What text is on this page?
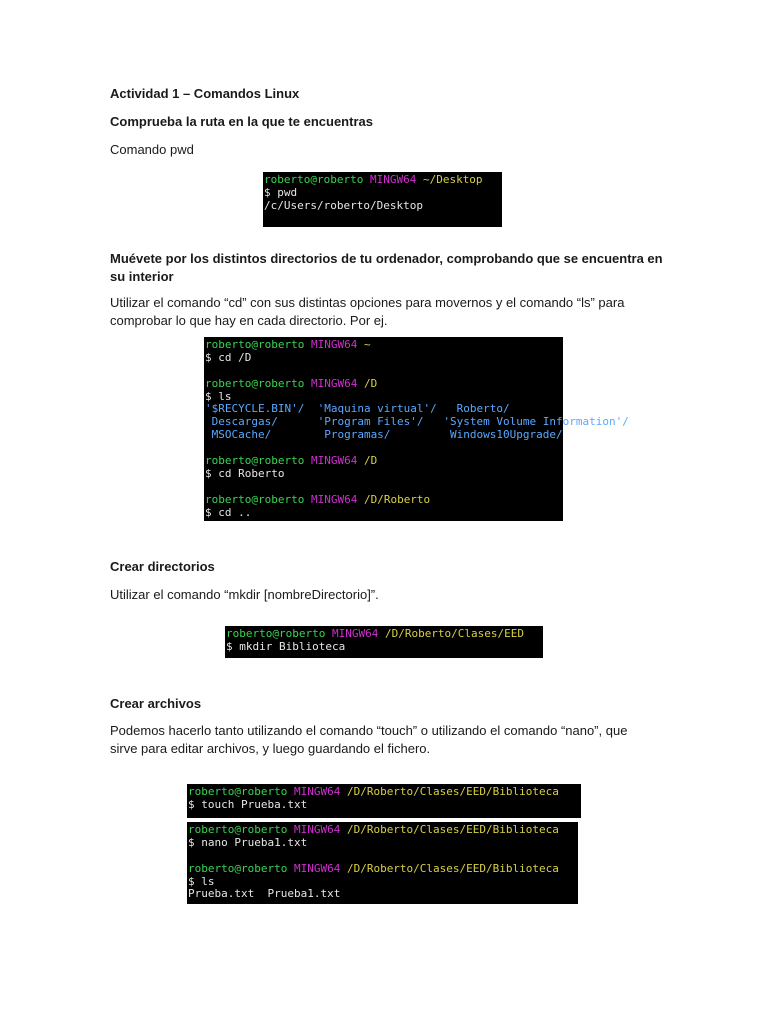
Actividad 1 – Comandos Linux
Comprueba la ruta en la que te encuentras

Comando pwd

roberto@roberto MINGW64 ~/Desktop
$ pwd
/c/Users/roberto/Desktop
Muévete por los distintos directorios de tu ordenador, comprobando que se encuentra en su interior

Utilizar el comando “cd” con sus distintas opciones para movernos y el comando “ls” para comprobar lo que hay en cada directorio. Por ej.

roberto@roberto MINGW64 ~
$ cd /D
roberto@roberto MINGW64 /D
$ ls
'$RECYCLE.BIN'/  'Maquina virtual'/   Roberto/
Descargas/      'Program Files'/   'System Volume Information'/
MSOCache/        Programas/         Windows10Upgrade/
roberto@roberto MINGW64 /D
$ cd Roberto
roberto@roberto MINGW64 /D/Roberto
$ cd ..
Crear directorios

Utilizar el comando “mkdir [nombreDirectorio]”.

roberto@roberto MINGW64 /D/Roberto/Clases/EED
$ mkdir Biblioteca
Crear archivos

Podemos hacerlo tanto utilizando el comando “touch” o utilizando el comando “nano”, que sirve para editar archivos, y luego guardando el fichero.

roberto@roberto MINGW64 /D/Roberto/Clases/EED/Biblioteca
$ touch Prueba.txt
roberto@roberto MINGW64 /D/Roberto/Clases/EED/Biblioteca
$ nano Prueba1.txt
roberto@roberto MINGW64 /D/Roberto/Clases/EED/Biblioteca
$ ls
Prueba.txt  Prueba1.txt
